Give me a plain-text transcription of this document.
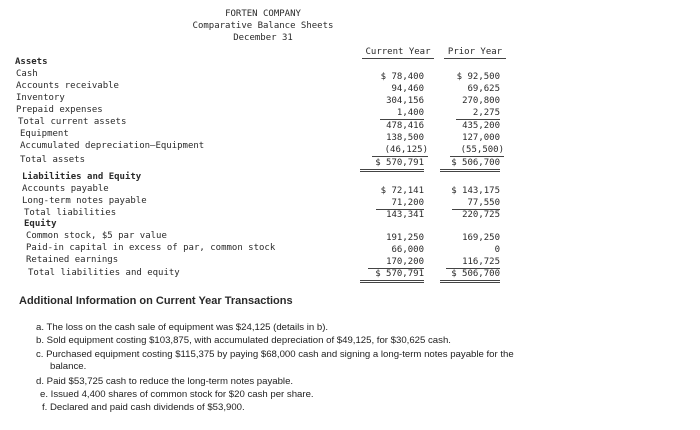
FORTEN COMPANY
Comparative Balance Sheets
December 31
Current Year	Prior Year
Assets
Cash	$ 78,400	$ 92,500
Accounts receivable	94,460	69,625
Inventory	304,156	270,800
Prepaid expenses	1,400	2,275
Total current assets	478,416	435,200
Equipment	138,500	127,000
Accumulated depreciation—Equipment	(46,125)	(55,500)
Total assets	$ 570,791	$ 506,700
Liabilities and Equity
Accounts payable	$ 72,141	$ 143,175
Long-term notes payable	71,200	77,550
Total liabilities	143,341	220,725
Equity
Common stock, $5 par value	191,250	169,250
Paid-in capital in excess of par, common stock	66,000	0
Retained earnings	170,200	116,725
Total liabilities and equity	$ 570,791	$ 506,700
Additional Information on Current Year Transactions
a. The loss on the cash sale of equipment was $24,125 (details in b).
b. Sold equipment costing $103,875, with accumulated depreciation of $49,125, for $30,625 cash.
c. Purchased equipment costing $115,375 by paying $68,000 cash and signing a long-term notes payable for the
balance.
d. Paid $53,725 cash to reduce the long-term notes payable.
e. Issued 4,400 shares of common stock for $20 cash per share.
f. Declared and paid cash dividends of $53,900.
